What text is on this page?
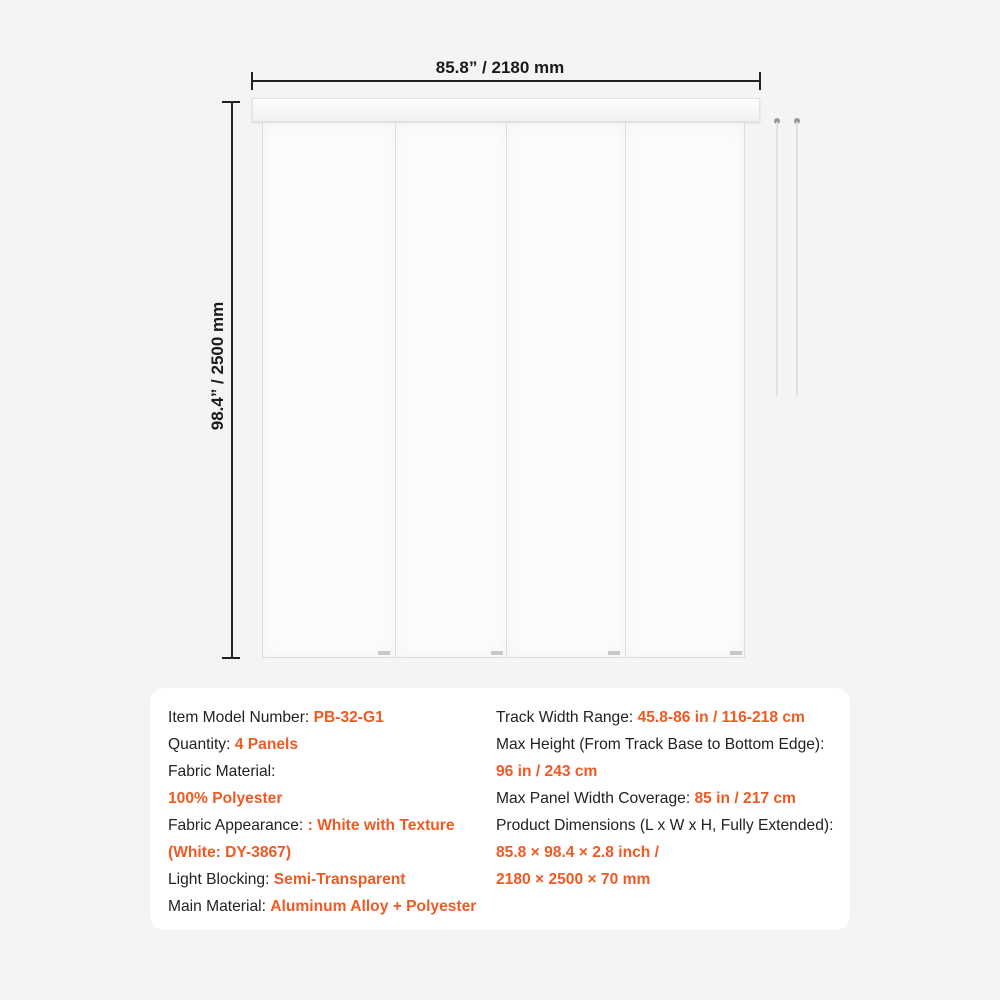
85.8” / 2180 mm
98.4” / 2500 mm
Item Model Number: PB-32-G1
Quantity: 4 Panels
Fabric Material:
100% Polyester
Fabric Appearance: : White with Texture
(White: DY-3867)
Light Blocking: Semi-Transparent
Main Material: Aluminum Alloy + Polyester
Track Width Range: 45.8-86 in / 116-218 cm
Max Height (From Track Base to Bottom Edge):
96 in / 243 cm
Max Panel Width Coverage: 85 in / 217 cm
Product Dimensions (L x W x H, Fully Extended):
85.8 × 98.4 × 2.8 inch /
2180 × 2500 × 70 mm
